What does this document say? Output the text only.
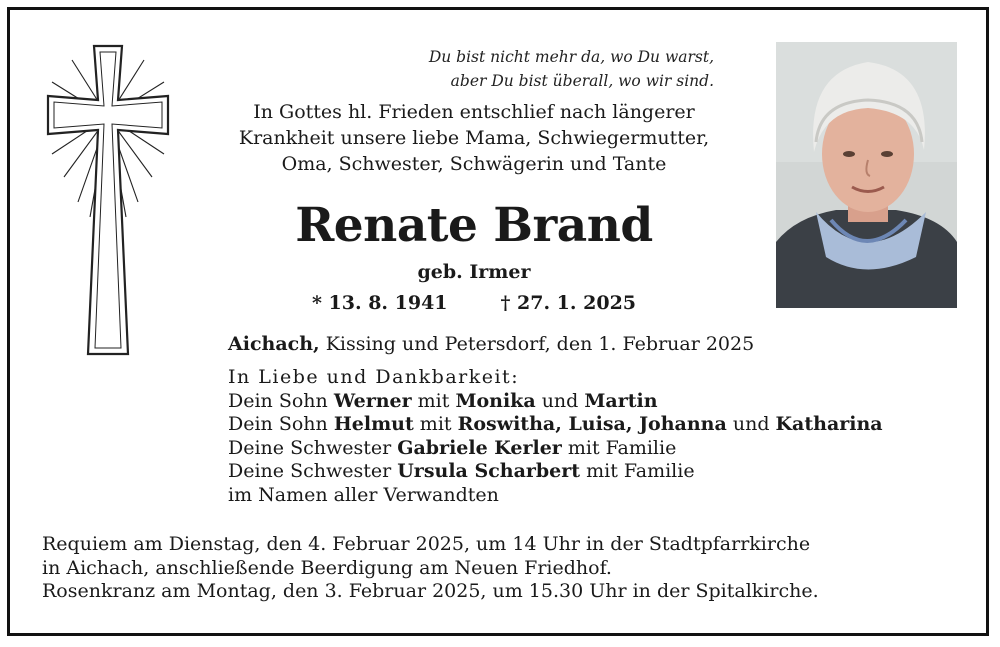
Du bist nicht mehr da, wo Du warst,
aber Du bist überall, wo wir sind.
In Gottes hl. Frieden entschlief nach längerer
Krankheit unsere liebe Mama, Schwiegermutter,
Oma, Schwester, Schwägerin und Tante
Renate Brand
geb. Irmer
* 13. 8. 1941	† 27. 1. 2025
Aichach, Kissing und Petersdorf, den 1. Februar 2025
In Liebe und Dankbarkeit:
Dein Sohn Werner mit Monika und Martin
Dein Sohn Helmut mit Roswitha, Luisa, Johanna und Katharina
Deine Schwester Gabriele Kerler mit Familie
Deine Schwester Ursula Scharbert mit Familie
im Namen aller Verwandten
Requiem am Dienstag, den 4. Februar 2025, um 14 Uhr in der Stadtpfarrkirche
in Aichach, anschließende Beerdigung am Neuen Friedhof.
Rosenkranz am Montag, den 3. Februar 2025, um 15.30 Uhr in der Spitalkirche.
